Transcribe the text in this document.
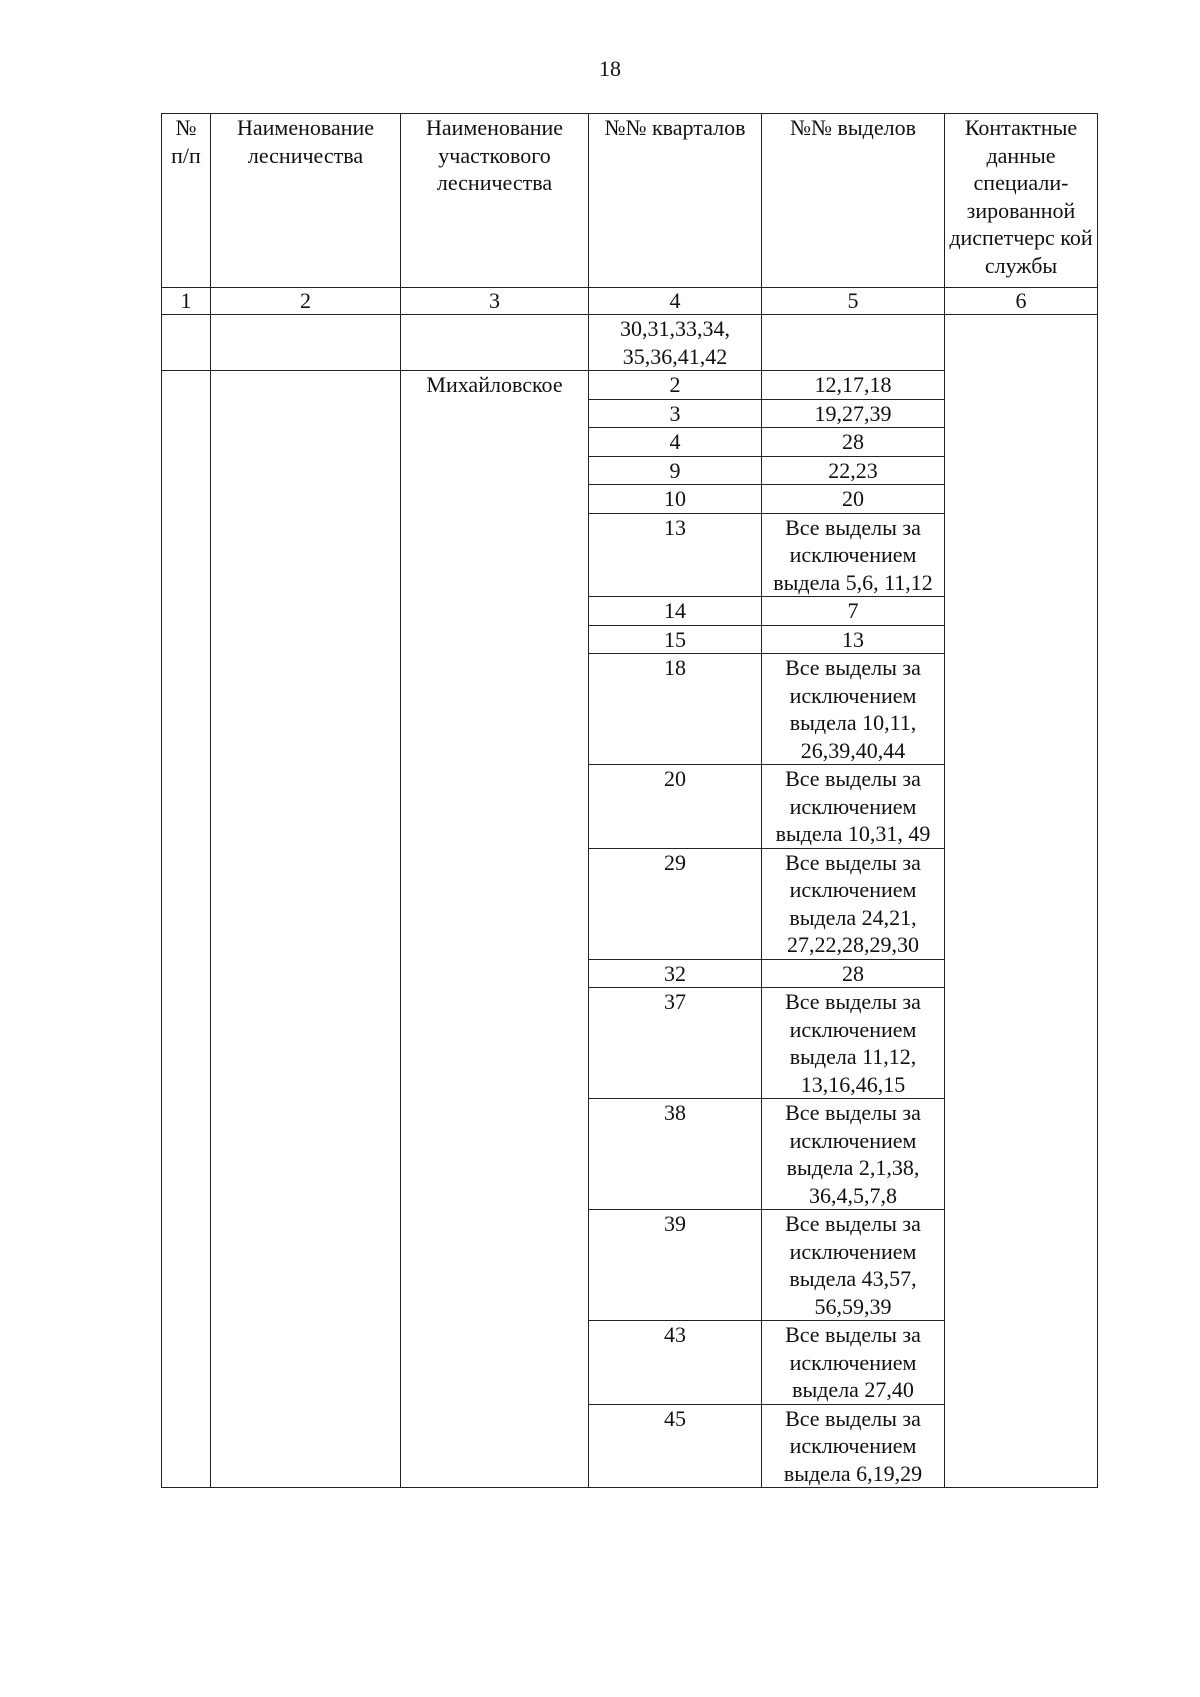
18
№ п/п	Наименование лесничества	Наименование участкового лесничества	№№ кварталов	№№ выделов	Контактные данные специали-зированной диспетчерс кой службы
1	2	3	4	5	6
			30,31,33,34, 35,36,41,42		
		Михайловское	2	12,17,18	
			3	19,27,39	
			4	28	
			9	22,23	
			10	20	
			13	Все выделы за исключением выдела 5,6, 11,12	
			14	7	
			15	13	
			18	Все выделы за исключением выдела 10,11, 26,39,40,44	
			20	Все выделы за исключением выдела 10,31, 49	
			29	Все выделы за исключением выдела 24,21, 27,22,28,29,30	
			32	28	
			37	Все выделы за исключением выдела 11,12, 13,16,46,15	
			38	Все выделы за исключением выдела 2,1,38, 36,4,5,7,8	
			39	Все выделы за исключением выдела 43,57, 56,59,39	
			43	Все выделы за исключением выдела 27,40	
			45	Все выделы за исключением выдела 6,19,29	
